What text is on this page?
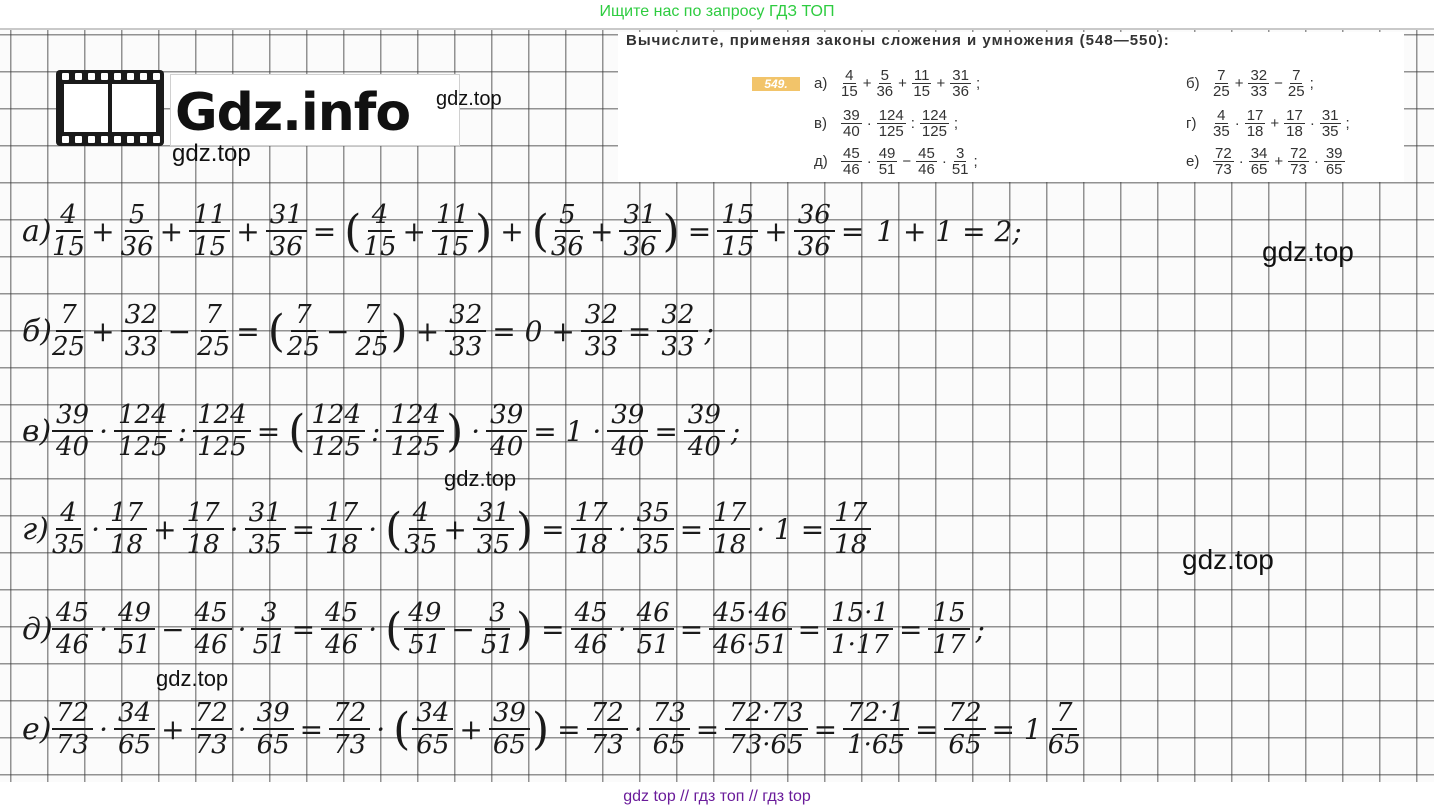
Ищите нас по запросу ГДЗ ТОП
Gdz.info gdz.top
gdz.top
gdz.top
gdz.top
gdz.top
gdz.top
Вычислите, применяя законы сложения и умножения (548—550):
549.	$а) \frac{4}{15} + \frac{5}{36} + \frac{11}{15} + \frac{31}{36}$ ;	$б) \frac{7}{25} + \frac{32}{33} - \frac{7}{25}$ ;
$в) \frac{39}{40} \cdot \frac{124}{125}$ : $\frac{124}{125}$ ;	г)	$\frac{4}{35} \cdot \frac{17}{18} + \frac{17}{18} \cdot \frac{31}{35}$ ;
$д) \frac{45}{46} \cdot \frac{49}{51} - \frac{45}{46} \cdot \frac{3}{51}$ ;	$е) \frac{72}{73} \cdot \frac{34}{65} + \frac{72}{73} \cdot \frac{39}{65}$
$а) \frac{4}{15} + \frac{5}{36} + \frac{11}{15} + \frac{31}{36}$ = ( $\frac{4}{15} + \frac{11}{15}$ ) + ( $\frac{5}{36} + \frac{31}{36}$ ) = $\frac{15}{15} + \frac{36}{36} = 1 + 1 = 2$;
$б) \frac{7}{25} + \frac{32}{33} - \frac{7}{25}$ = ( $\frac{7}{25} - \frac{7}{25}$ ) + $\frac{32}{33} = 0 + \frac{32}{33} = \frac{32}{33}$ ;
$в) \frac{39}{40} \cdot \frac{124}{125}$ : $\frac{124}{125}$ = ( $\frac{124}{125}$ : $\frac{124}{125}$ ) · $\frac{39}{40} = 1 \cdot \frac{39}{40} = \frac{39}{40}$ ;
$г) \frac{4}{35} \cdot \frac{17}{18} + \frac{17}{18} \cdot \frac{31}{35} = \frac{17}{18}$ · ( $\frac{4}{35} + \frac{31}{35}$ ) = $\frac{17}{18} \cdot \frac{35}{35} = \frac{17}{18} \cdot 1 = \frac{17}{18}$
$д) \frac{45}{46} \cdot \frac{49}{51} - \frac{45}{46} \cdot \frac{3}{51} = \frac{45}{46}$ · ( $\frac{49}{51} - \frac{3}{51}$ ) = $\frac{45}{46} \cdot \frac{46}{51} = \frac{45\cdot 46}{46\cdot 51} = \frac{15\cdot 1}{1\cdot 17} = \frac{15}{17}$ ;
$е) \frac{72}{73} \cdot \frac{34}{65} + \frac{72}{73} \cdot \frac{39}{65} = \frac{72}{73}$ · ( $\frac{34}{65} + \frac{39}{65}$ ) = $\frac{72}{73} \cdot \frac{73}{65} = \frac{72\cdot 73}{73\cdot 65} = \frac{72\cdot 1}{1\cdot 65} = \frac{72}{65} = 1 \frac{7}{65}$
gdz top // гдз топ // гдз top
